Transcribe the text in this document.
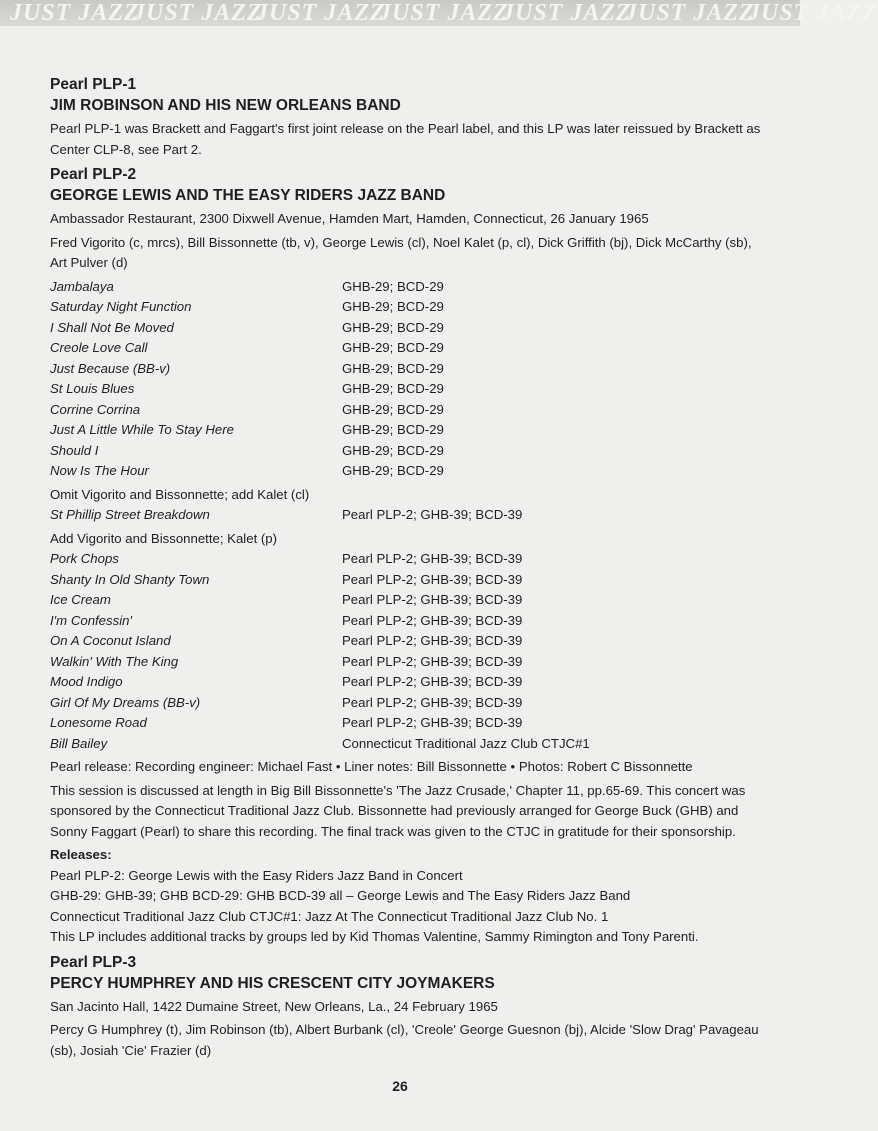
JUST JAZZJUST JAZZJUST JAZZJUST JAZZJUST JAZZJUST JAZZJUST JAZZ
Pearl PLP-1
JIM ROBINSON AND HIS NEW ORLEANS BAND
Pearl PLP-1 was Brackett and Faggart's first joint release on the Pearl label, and this LP was later reissued by Brackett as Center CLP-8, see Part 2.
Pearl PLP-2
GEORGE LEWIS AND THE EASY RIDERS JAZZ BAND
Ambassador Restaurant, 2300 Dixwell Avenue, Hamden Mart, Hamden, Connecticut, 26 January 1965
Fred Vigorito (c, mrcs), Bill Bissonnette (tb, v), George Lewis (cl), Noel Kalet (p, cl), Dick Griffith (bj), Dick McCarthy (sb), Art Pulver (d)
Jambalaya	GHB-29; BCD-29
Saturday Night Function	GHB-29; BCD-29
I Shall Not Be Moved	GHB-29; BCD-29
Creole Love Call	GHB-29; BCD-29
Just Because (BB-v)	GHB-29; BCD-29
St Louis Blues	GHB-29; BCD-29
Corrine Corrina	GHB-29; BCD-29
Just A Little While To Stay Here	GHB-29; BCD-29
Should I	GHB-29; BCD-29
Now Is The Hour	GHB-29; BCD-29
Omit Vigorito and Bissonnette; add Kalet (cl)
St Phillip Street Breakdown	Pearl PLP-2; GHB-39; BCD-39
Add Vigorito and Bissonnette; Kalet (p)
Pork Chops	Pearl PLP-2; GHB-39; BCD-39
Shanty In Old Shanty Town	Pearl PLP-2; GHB-39; BCD-39
Ice Cream	Pearl PLP-2; GHB-39; BCD-39
I'm Confessin'	Pearl PLP-2; GHB-39; BCD-39
On A Coconut Island	Pearl PLP-2; GHB-39; BCD-39
Walkin' With The King	Pearl PLP-2; GHB-39; BCD-39
Mood Indigo	Pearl PLP-2; GHB-39; BCD-39
Girl Of My Dreams (BB-v)	Pearl PLP-2; GHB-39; BCD-39
Lonesome Road	Pearl PLP-2; GHB-39; BCD-39
Bill Bailey	Connecticut Traditional Jazz Club CTJC#1
Pearl release: Recording engineer: Michael Fast • Liner notes: Bill Bissonnette • Photos: Robert C Bissonnette
This session is discussed at length in Big Bill Bissonnette's 'The Jazz Crusade,' Chapter 11, pp.65-69. This concert was sponsored by the Connecticut Traditional Jazz Club. Bissonnette had previously arranged for George Buck (GHB) and Sonny Faggart (Pearl) to share this recording. The final track was given to the CTJC in gratitude for their sponsorship.
Releases:
Pearl PLP-2: George Lewis with the Easy Riders Jazz Band in Concert
GHB-29: GHB-39; GHB BCD-29: GHB BCD-39 all – George Lewis and The Easy Riders Jazz Band
Connecticut Traditional Jazz Club CTJC#1: Jazz At The Connecticut Traditional Jazz Club No. 1
This LP includes additional tracks by groups led by Kid Thomas Valentine, Sammy Rimington and Tony Parenti.
Pearl PLP-3
PERCY HUMPHREY AND HIS CRESCENT CITY JOYMAKERS
San Jacinto Hall, 1422 Dumaine Street, New Orleans, La., 24 February 1965
Percy G Humphrey (t), Jim Robinson (tb), Albert Burbank (cl), 'Creole' George Guesnon (bj), Alcide 'Slow Drag' Pavageau (sb), Josiah 'Cie' Frazier (d)
26
